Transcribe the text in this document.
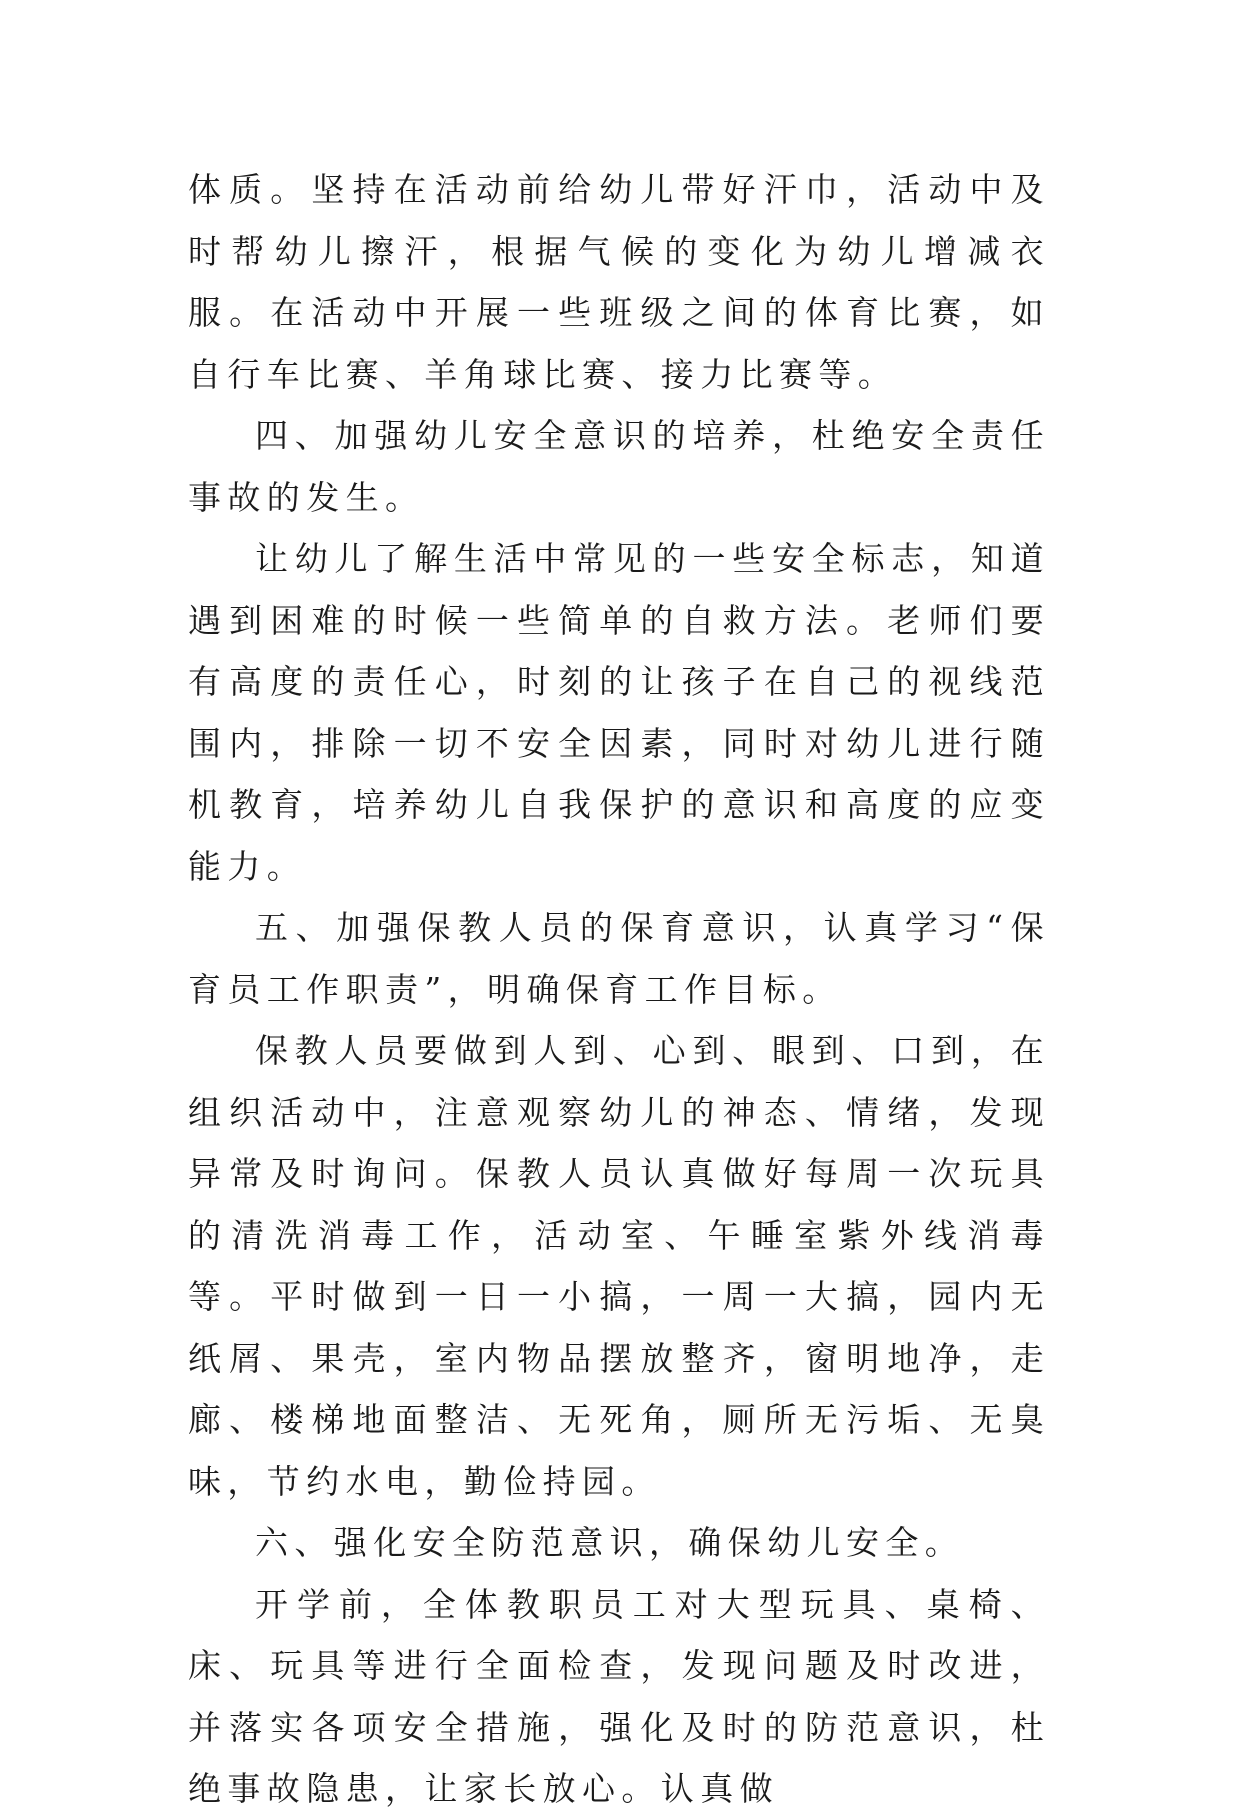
体质。坚持在活动前给幼儿带好汗巾，活动中及时帮幼儿擦汗，根据气候的变化为幼儿增减衣服。在活动中开展一些班级之间的体育比赛，如自行车比赛、羊角球比赛、接力比赛等。

四、加强幼儿安全意识的培养，杜绝安全责任事故的发生。

让幼儿了解生活中常见的一些安全标志，知道遇到困难的时候一些简单的自救方法。老师们要有高度的责任心，时刻的让孩子在自己的视线范围内，排除一切不安全因素，同时对幼儿进行随机教育，培养幼儿自我保护的意识和高度的应变能力。

五、加强保教人员的保育意识，认真学习“保育员工作职责”，明确保育工作目标。

保教人员要做到人到、心到、眼到、口到，在组织活动中，注意观察幼儿的神态、情绪，发现异常及时询问。保教人员认真做好每周一次玩具的清洗消毒工作，活动室、午睡室紫外线消毒等。平时做到一日一小搞，一周一大搞，园内无纸屑、果壳，室内物品摆放整齐，窗明地净，走廊、楼梯地面整洁、无死角，厕所无污垢、无臭味，节约水电，勤俭持园。

六、强化安全防范意识，确保幼儿安全。

开学前，全体教职员工对大型玩具、桌椅、床、玩具等进行全面检查，发现问题及时改进，并落实各项安全措施，强化及时的防范意识，杜绝事故隐患，让家长放心。认真做
